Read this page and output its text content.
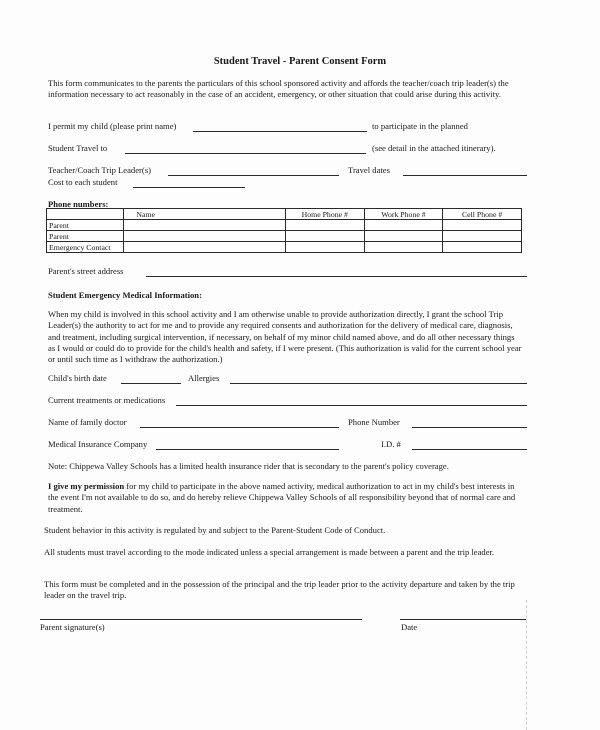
Student Travel - Parent Consent Form
This form communicates to the parents the particulars of this school sponsored activity and affords the teacher/coach trip leader(s) the information necessary to act reasonably in the case of an accident, emergency, or other situation that could arise during this activity.
I permit my child (please print name)	to participate in the planned
Student Travel to	(see detail in the attached itinerary).
Teacher/Coach Trip Leader(s)	Travel dates
Cost to each student
Phone numbers:
	Name	Home Phone #	Work Phone #	Cell Phone #
Parent				
Parent				
Emergency Contact				
Parent's street address
Student Emergency Medical Information:
When my child is involved in this school activity and I am otherwise unable to provide authorization directly, I grant the school Trip Leader(s) the authority to act for me and to provide any required consents and authorization for the delivery of medical care, diagnosis, and treatment, including surgical intervention, if necessary, on behalf of my minor child named above, and do all other necessary things as I would or could do to provide for the child's health and safety, if I were present. (This authorization is valid for the current school year or until such time as I withdraw the authorization.)
Child's birth date	Allergies
Current treatments or medications
Name of family doctor	Phone Number
Medical Insurance Company	I.D. #
Note: Chippewa Valley Schools has a limited health insurance rider that is secondary to the parent's policy coverage.
I give my permission for my child to participate in the above named activity, medical authorization to act in my child's best interests in the event I'm not available to do so, and do hereby relieve Chippewa Valley Schools of all responsibility beyond that of normal care and treatment.
Student behavior in this activity is regulated by and subject to the Parent-Student Code of Conduct.
All students must travel according to the mode indicated unless a special arrangement is made between a parent and the trip leader.
This form must be completed and in the possession of the principal and the trip leader prior to the activity departure and taken by the trip leader on the travel trip.
Parent signature(s)	Date
